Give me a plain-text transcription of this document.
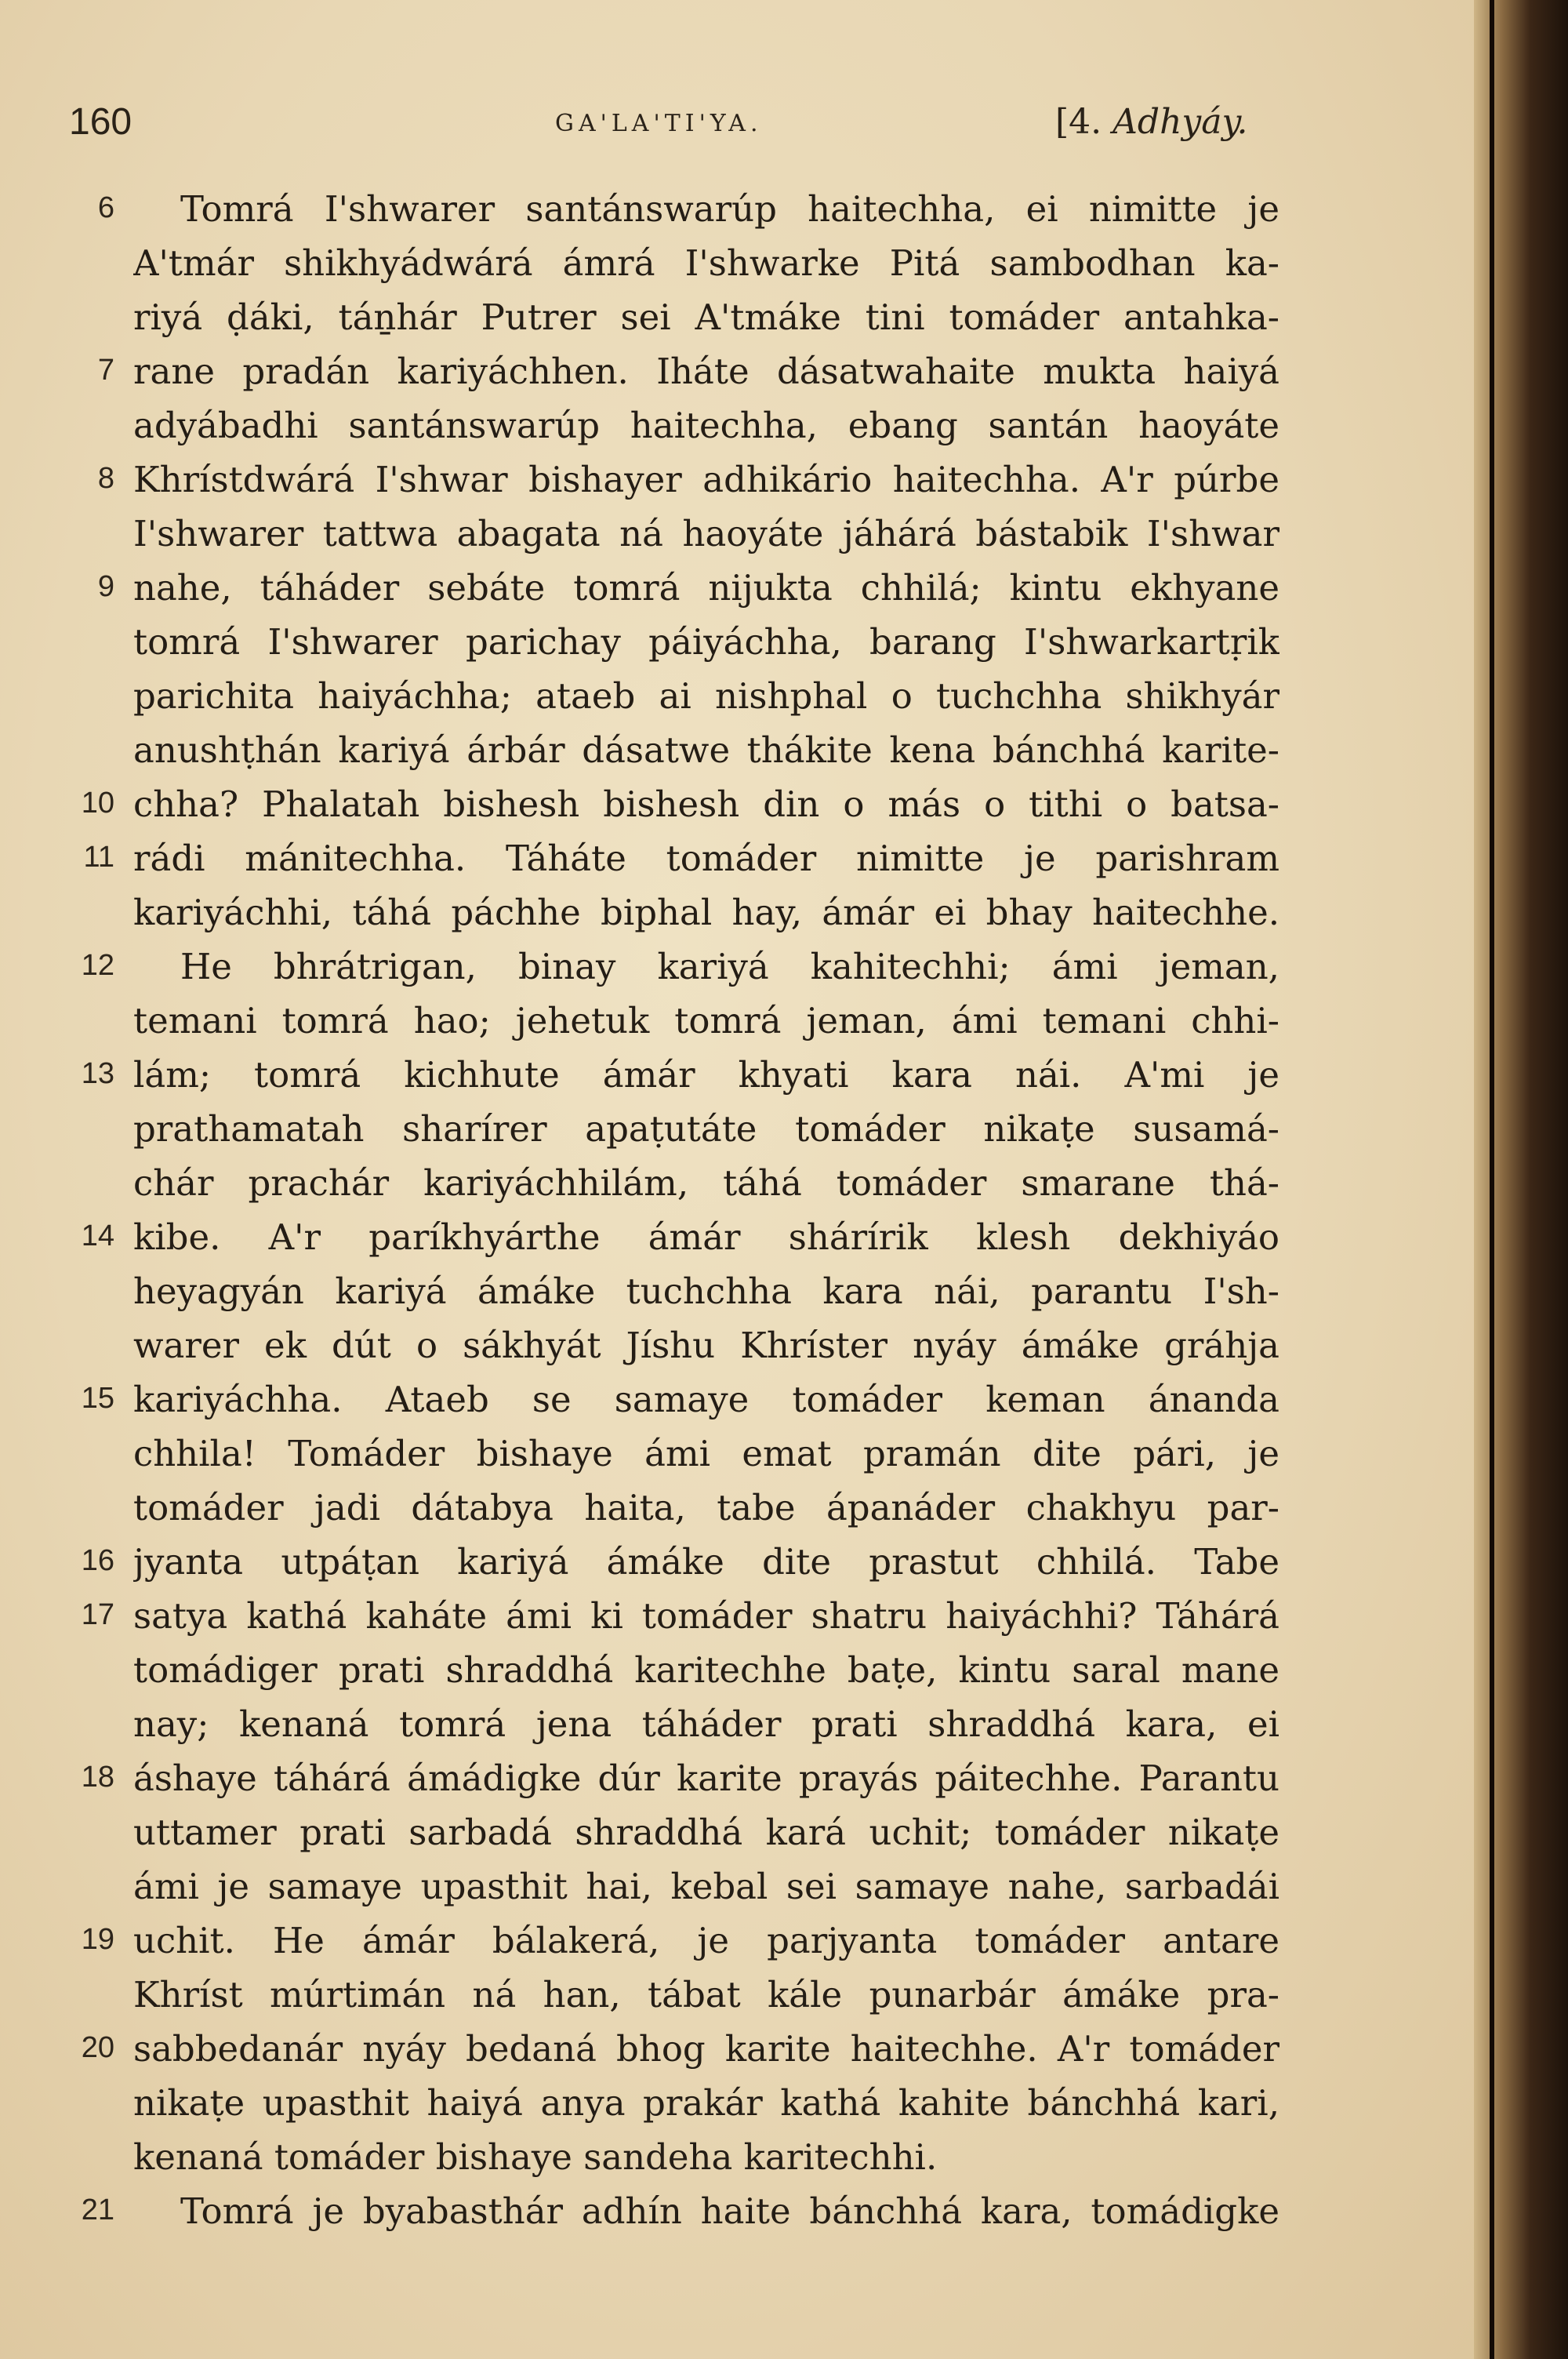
160	GA'LA'TI'YA.	[4. Adhyáy.
6 Tomrá I'shwarer santánswarúp haitechha, ei nimitte je
A'tmár shikhyádwárá ámrá I'shwarke Pitá sambodhan ka-
riyá ḍáki, táṉhár Putrer sei A'tmáke tini tomáder antahka-
7 rane pradán kariyáchhen. Iháte dásatwahaite mukta haiyá
adyábadhi santánswarúp haitechha, ebang santán haoyáte
8 Khrístdwárá I'shwar bishayer adhikário haitechha. A'r púrbe
I'shwarer tattwa abagata ná haoyáte jáhárá bástabik I'shwar
9 nahe, táháder sebáte tomrá nijukta chhilá; kintu ekhyane
tomrá I'shwarer parichay páiyáchha, barang I'shwarkartṛik
parichita haiyáchha; ataeb ai nishphal o tuchchha shikhyár
anushṭhán kariyá árbár dásatwe thákite kena bánchhá karite-
10 chha? Phalatah bishesh bishesh din o más o tithi o batsa-
11 rádi mánitechha. Táháte tomáder nimitte je parishram
kariyáchhi, táhá páchhe biphal hay, ámár ei bhay haitechhe.
12 He bhrátrigan, binay kariyá kahitechhi; ámi jeman,
temani tomrá hao; jehetuk tomrá jeman, ámi temani chhi-
13 lám; tomrá kichhute ámár khyati kara nái. A'mi je
prathamatah sharírer apaṭutáte tomáder nikaṭe susamá-
chár prachár kariyáchhilám, táhá tomáder smarane thá-
14 kibe. A'r paríkhyárthe ámár shárírik klesh dekhiyáo
heyagyán kariyá ámáke tuchchha kara nái, parantu I'sh-
warer ek dút o sákhyát Jíshu Khríster nyáy ámáke gráhja
15 kariyáchha. Ataeb se samaye tomáder keman ánanda
chhila! Tomáder bishaye ámi emat pramán dite pári, je
tomáder jadi dátabya haita, tabe ápanáder chakhyu par-
16 jyanta utpáṭan kariyá ámáke dite prastut chhilá. Tabe
17 satya kathá kaháte ámi ki tomáder shatru haiyáchhi? Táhárá
tomádiger prati shraddhá karitechhe baṭe, kintu saral mane
nay; kenaná tomrá jena táháder prati shraddhá kara, ei
18 áshaye táhárá ámádigke dúr karite prayás páitechhe. Parantu
uttamer prati sarbadá shraddhá kará uchit; tomáder nikaṭe
ámi je samaye upasthit hai, kebal sei samaye nahe, sarbadái
19 uchit. He ámár bálakerá, je parjyanta tomáder antare
Khríst múrtimán ná han, tábat kále punarbár ámáke pra-
20 sabbedanár nyáy bedaná bhog karite haitechhe. A'r tomáder
nikaṭe upasthit haiyá anya prakár kathá kahite bánchhá kari,
kenaná tomáder bishaye sandeha karitechhi.
21 Tomrá je byabasthár adhín haite bánchhá kara, tomádigke
